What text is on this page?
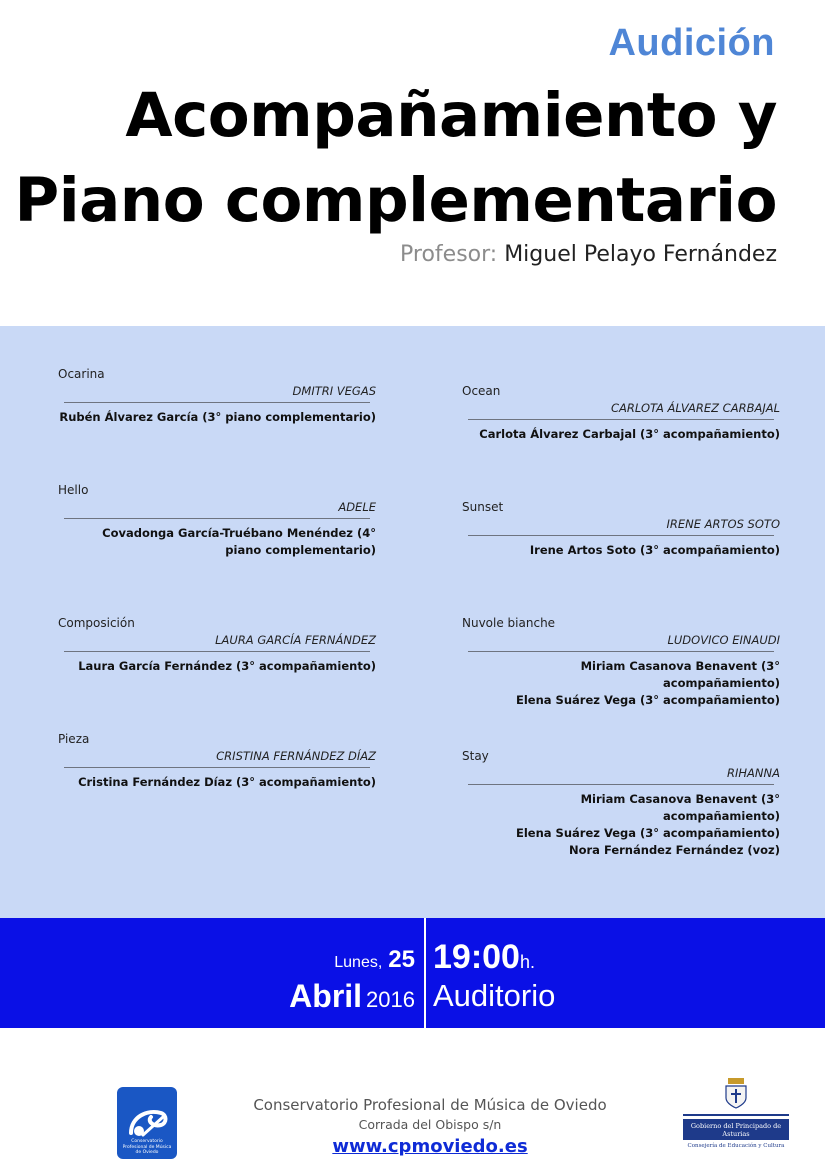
Audición
Acompañamiento y
Piano complementario
Profesor: Miguel Pelayo Fernández
Ocarina
DMITRI VEGAS
Rubén Álvarez García (3° piano complementario)
Hello
ADELE
Covadonga García-Truébano Menéndez (4° piano complementario)
Composición
LAURA GARCÍA FERNÁNDEZ
Laura García Fernández (3° acompañamiento)
Pieza
CRISTINA FERNÁNDEZ DÍAZ
Cristina Fernández Díaz (3° acompañamiento)
Ocean
CARLOTA ÁLVAREZ CARBAJAL
Carlota Álvarez Carbajal (3° acompañamiento)
Sunset
IRENE ARTOS SOTO
Irene Artos Soto (3° acompañamiento)
Nuvole bianche
LUDOVICO EINAUDI
Miriam Casanova Benavent (3° acompañamiento)
Elena Suárez Vega (3° acompañamiento)
Stay
RIHANNA
Miriam Casanova Benavent (3° acompañamiento)
Elena Suárez Vega (3° acompañamiento)
Nora Fernández Fernández (voz)
Lunes, 25
Abril 2016
19:00h.
Auditorio
Conservatorio Profesional de Música de Oviedo
Conservatorio Profesional de Música de Oviedo
Corrada del Obispo s/n
www.cpmoviedo.es
Gobierno del Principado de Asturias
Consejería de Educación y Cultura
